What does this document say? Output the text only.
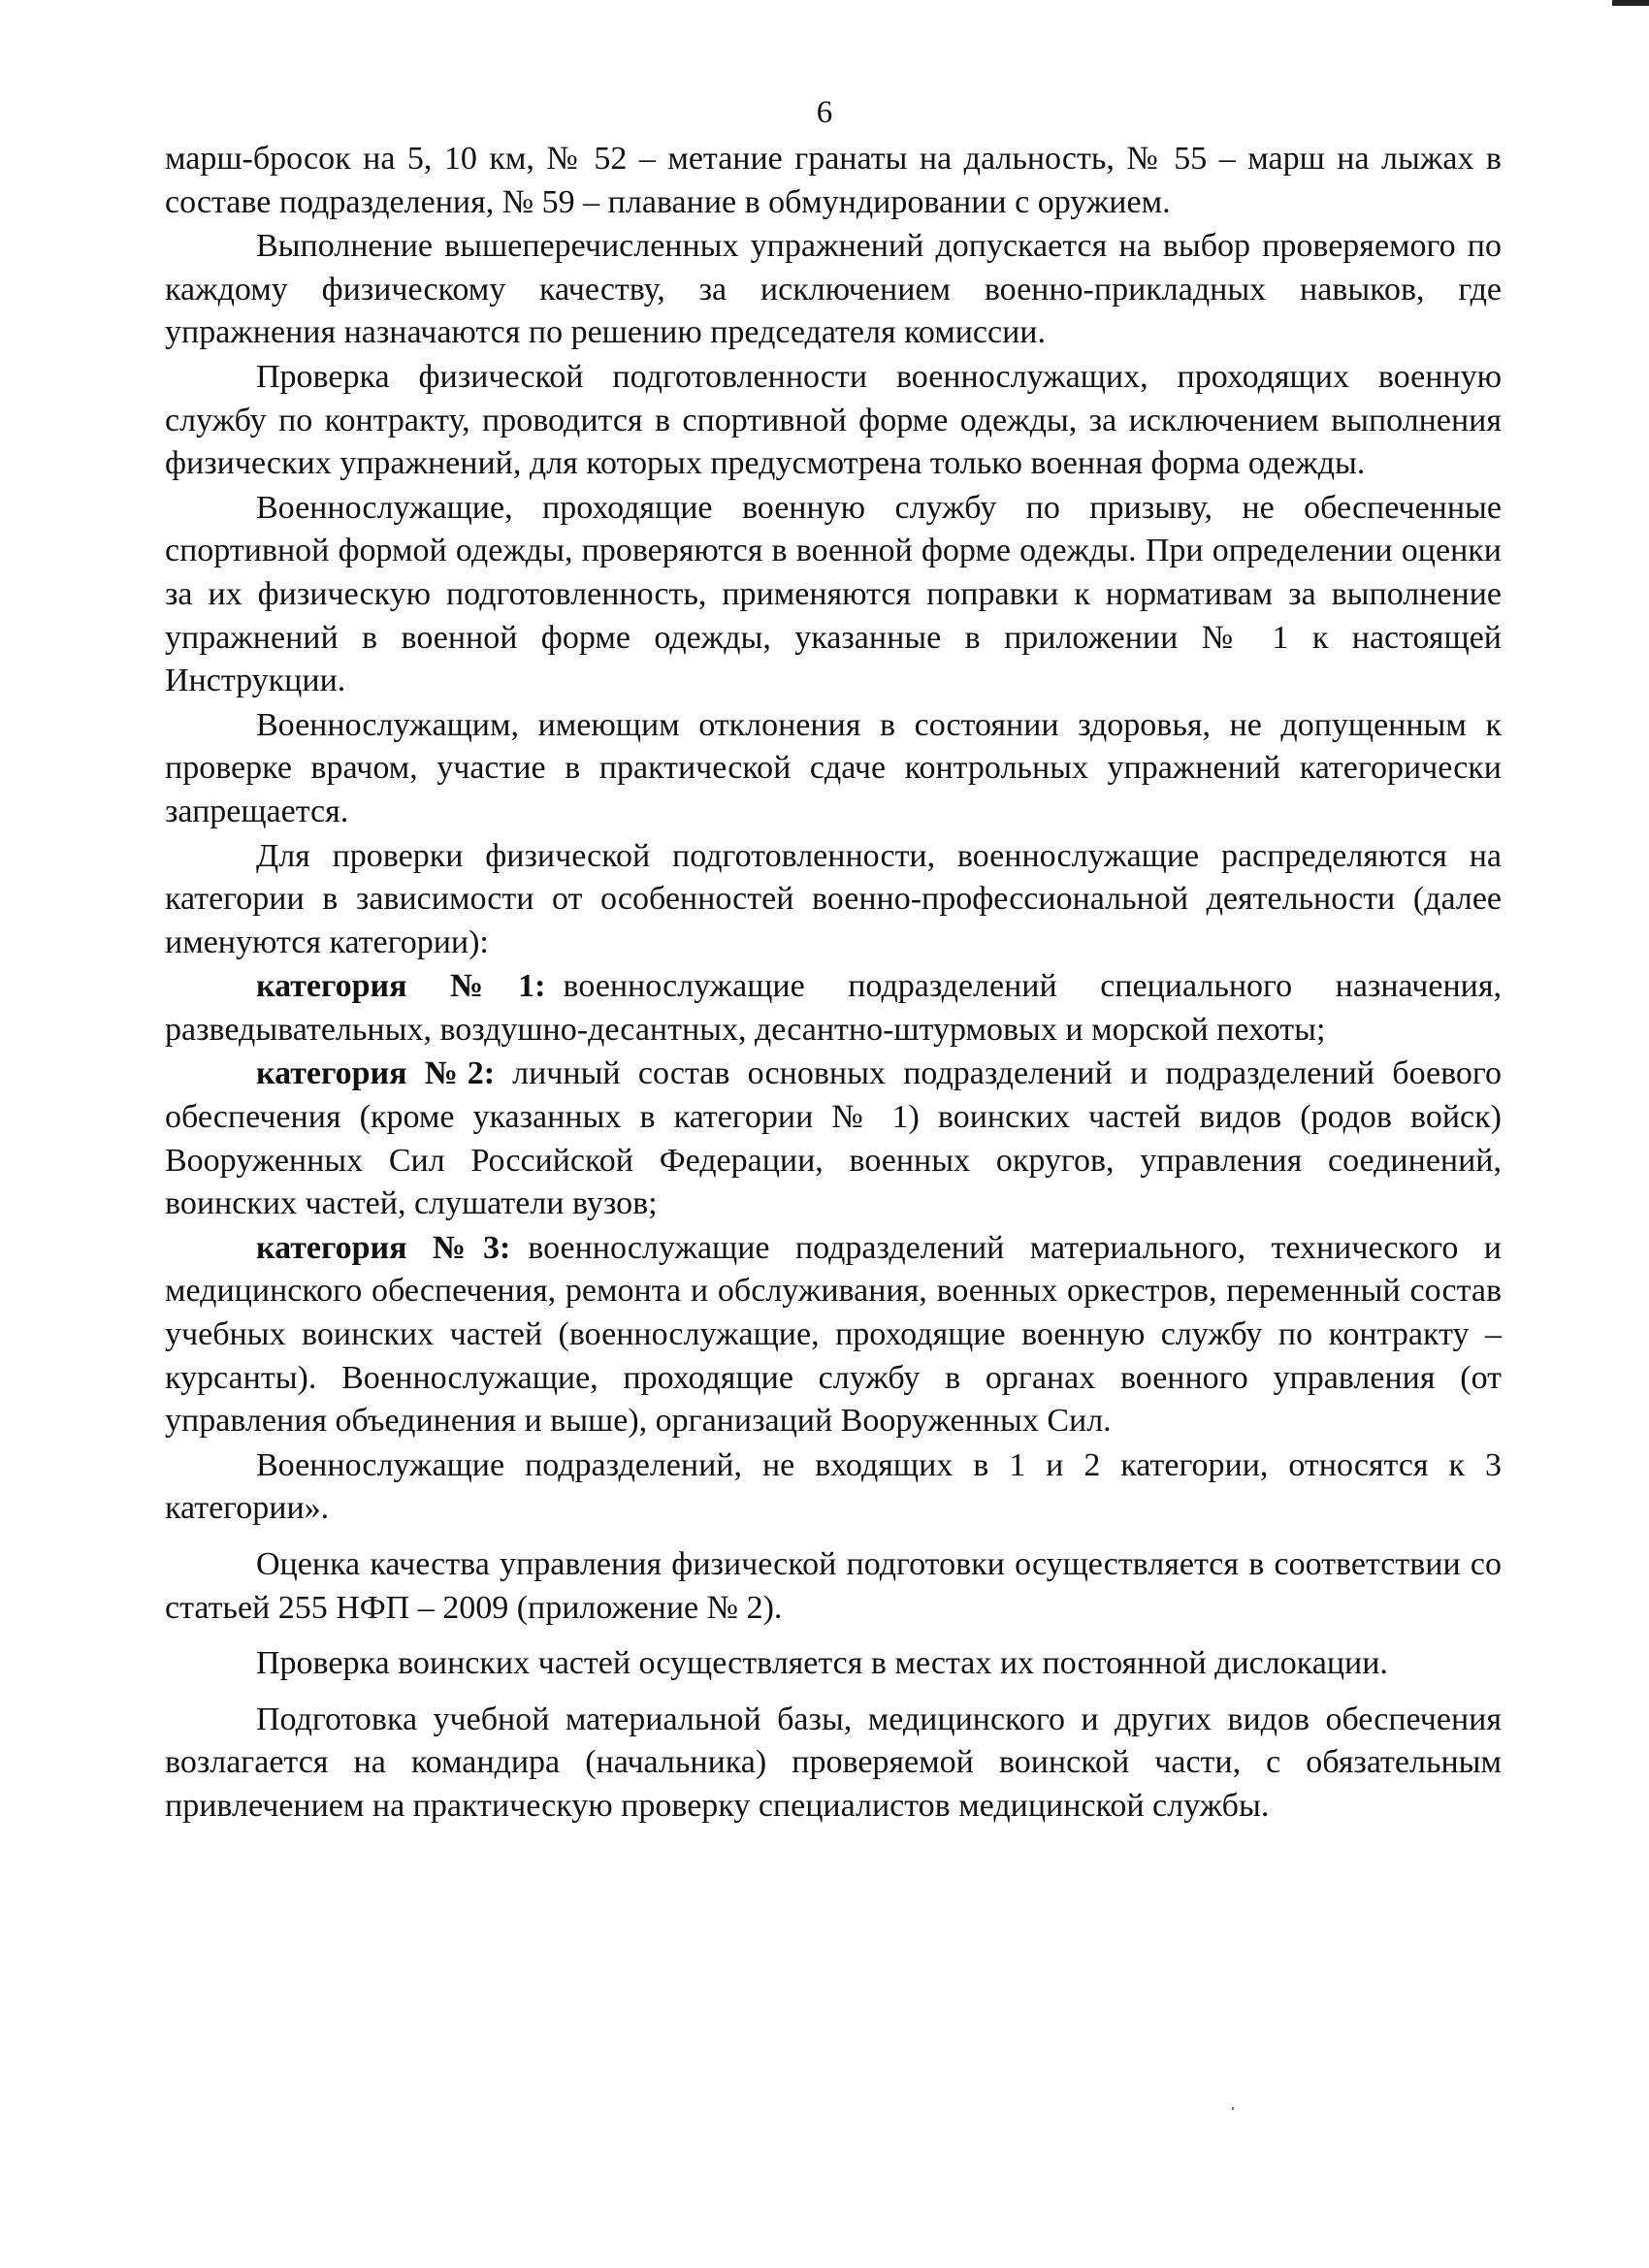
6

марш-бросок на 5, 10 км, № 52 – метание гранаты на дальность, № 55 – марш на лыжах в составе подразделения, № 59 – плавание в обмундировании с оружием.

Выполнение вышеперечисленных упражнений допускается на выбор проверяемого по каждому физическому качеству, за исключением военно-прикладных навыков, где упражнения назначаются по решению председателя комиссии.

Проверка физической подготовленности военнослужащих, проходящих военную службу по контракту, проводится в спортивной форме одежды, за исключением выполнения физических упражнений, для которых предусмотрена только военная форма одежды.

Военнослужащие, проходящие военную службу по призыву, не обеспеченные спортивной формой одежды, проверяются в военной форме одежды. При определении оценки за их физическую подготовленность, применяются поправки к нормативам за выполнение упражнений в военной форме одежды, указанные в приложении № 1 к настоящей Инструкции.

Военнослужащим, имеющим отклонения в состоянии здоровья, не допущенным к проверке врачом, участие в практической сдаче контрольных упражнений категорически запрещается.

Для проверки физической подготовленности, военнослужащие распределяются на категории в зависимости от особенностей военно-профессиональной деятельности (далее именуются категории):

категория №1: военнослужащие подразделений специального назначения, разведывательных, воздушно-десантных, десантно-штурмовых и морской пехоты;

категория №2: личный состав основных подразделений и подразделений боевого обеспечения (кроме указанных в категории № 1) воинских частей видов (родов войск) Вооруженных Сил Российской Федерации, военных округов, управления соединений, воинских частей, слушатели вузов;

категория №3: военнослужащие подразделений материального, технического и медицинского обеспечения, ремонта и обслуживания, военных оркестров, переменный состав учебных воинских частей (военнослужащие, проходящие военную службу по контракту – курсанты). Военнослужащие, проходящие службу в органах военного управления (от управления объединения и выше), организаций Вооруженных Сил.

Военнослужащие подразделений, не входящих в 1 и 2 категории, относятся к 3 категории».

Оценка качества управления физической подготовки осуществляется в соответствии со статьей 255 НФП – 2009 (приложение № 2).

Проверка воинских частей осуществляется в местах их постоянной дислокации.

Подготовка учебной материальной базы, медицинского и других видов обеспечения возлагается на командира (начальника) проверяемой воинской части, с обязательным привлечением на практическую проверку специалистов медицинской службы.
